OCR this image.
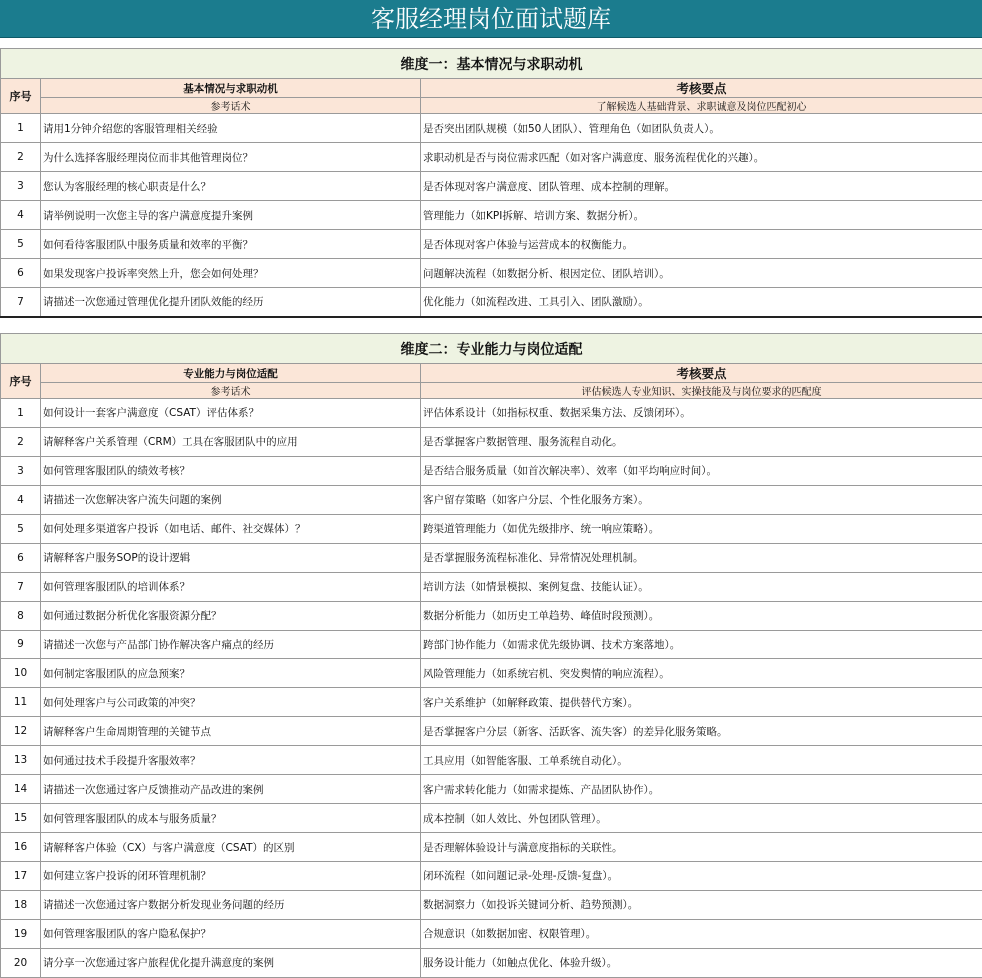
客服经理岗位面试题库
维度一：基本情况与求职动机		
序号	基本情况与求职动机	考核要点
	参考话术	了解候选人基础背景、求职诚意及岗位匹配初心
1	请用1分钟介绍您的客服管理相关经验	是否突出团队规模（如50人团队）、管理角色（如团队负责人）。
2	为什么选择客服经理岗位而非其他管理岗位？	求职动机是否与岗位需求匹配（如对客户满意度、服务流程优化的兴趣）。
3	您认为客服经理的核心职责是什么？	是否体现对客户满意度、团队管理、成本控制的理解。
4	请举例说明一次您主导的客户满意度提升案例	管理能力（如KPI拆解、培训方案、数据分析）。
5	如何看待客服团队中服务质量和效率的平衡？	是否体现对客户体验与运营成本的权衡能力。
6	如果发现客户投诉率突然上升，您会如何处理？	问题解决流程（如数据分析、根因定位、团队培训）。
7	请描述一次您通过管理优化提升团队效能的经历	优化能力（如流程改进、工具引入、团队激励）。
维度二：专业能力与岗位适配		
序号	专业能力与岗位适配	考核要点
	参考话术	评估候选人专业知识、实操技能及与岗位要求的匹配度
1	如何设计一套客户满意度（CSAT）评估体系？	评估体系设计（如指标权重、数据采集方法、反馈闭环）。
2	请解释客户关系管理（CRM）工具在客服团队中的应用	是否掌握客户数据管理、服务流程自动化。
3	如何管理客服团队的绩效考核？	是否结合服务质量（如首次解决率）、效率（如平均响应时间）。
4	请描述一次您解决客户流失问题的案例	客户留存策略（如客户分层、个性化服务方案）。
5	如何处理多渠道客户投诉（如电话、邮件、社交媒体）？	跨渠道管理能力（如优先级排序、统一响应策略）。
6	请解释客户服务SOP的设计逻辑	是否掌握服务流程标准化、异常情况处理机制。
7	如何管理客服团队的培训体系？	培训方法（如情景模拟、案例复盘、技能认证）。
8	如何通过数据分析优化客服资源分配？	数据分析能力（如历史工单趋势、峰值时段预测）。
9	请描述一次您与产品部门协作解决客户痛点的经历	跨部门协作能力（如需求优先级协调、技术方案落地）。
10	如何制定客服团队的应急预案？	风险管理能力（如系统宕机、突发舆情的响应流程）。
11	如何处理客户与公司政策的冲突？	客户关系维护（如解释政策、提供替代方案）。
12	请解释客户生命周期管理的关键节点	是否掌握客户分层（新客、活跃客、流失客）的差异化服务策略。
13	如何通过技术手段提升客服效率？	工具应用（如智能客服、工单系统自动化）。
14	请描述一次您通过客户反馈推动产品改进的案例	客户需求转化能力（如需求提炼、产品团队协作）。
15	如何管理客服团队的成本与服务质量？	成本控制（如人效比、外包团队管理）。
16	请解释客户体验（CX）与客户满意度（CSAT）的区别	是否理解体验设计与满意度指标的关联性。
17	如何建立客户投诉的闭环管理机制？	闭环流程（如问题记录-处理-反馈-复盘）。
18	请描述一次您通过客户数据分析发现业务问题的经历	数据洞察力（如投诉关键词分析、趋势预测）。
19	如何管理客服团队的客户隐私保护？	合规意识（如数据加密、权限管理）。
20	请分享一次您通过客户旅程优化提升满意度的案例	服务设计能力（如触点优化、体验升级）。
